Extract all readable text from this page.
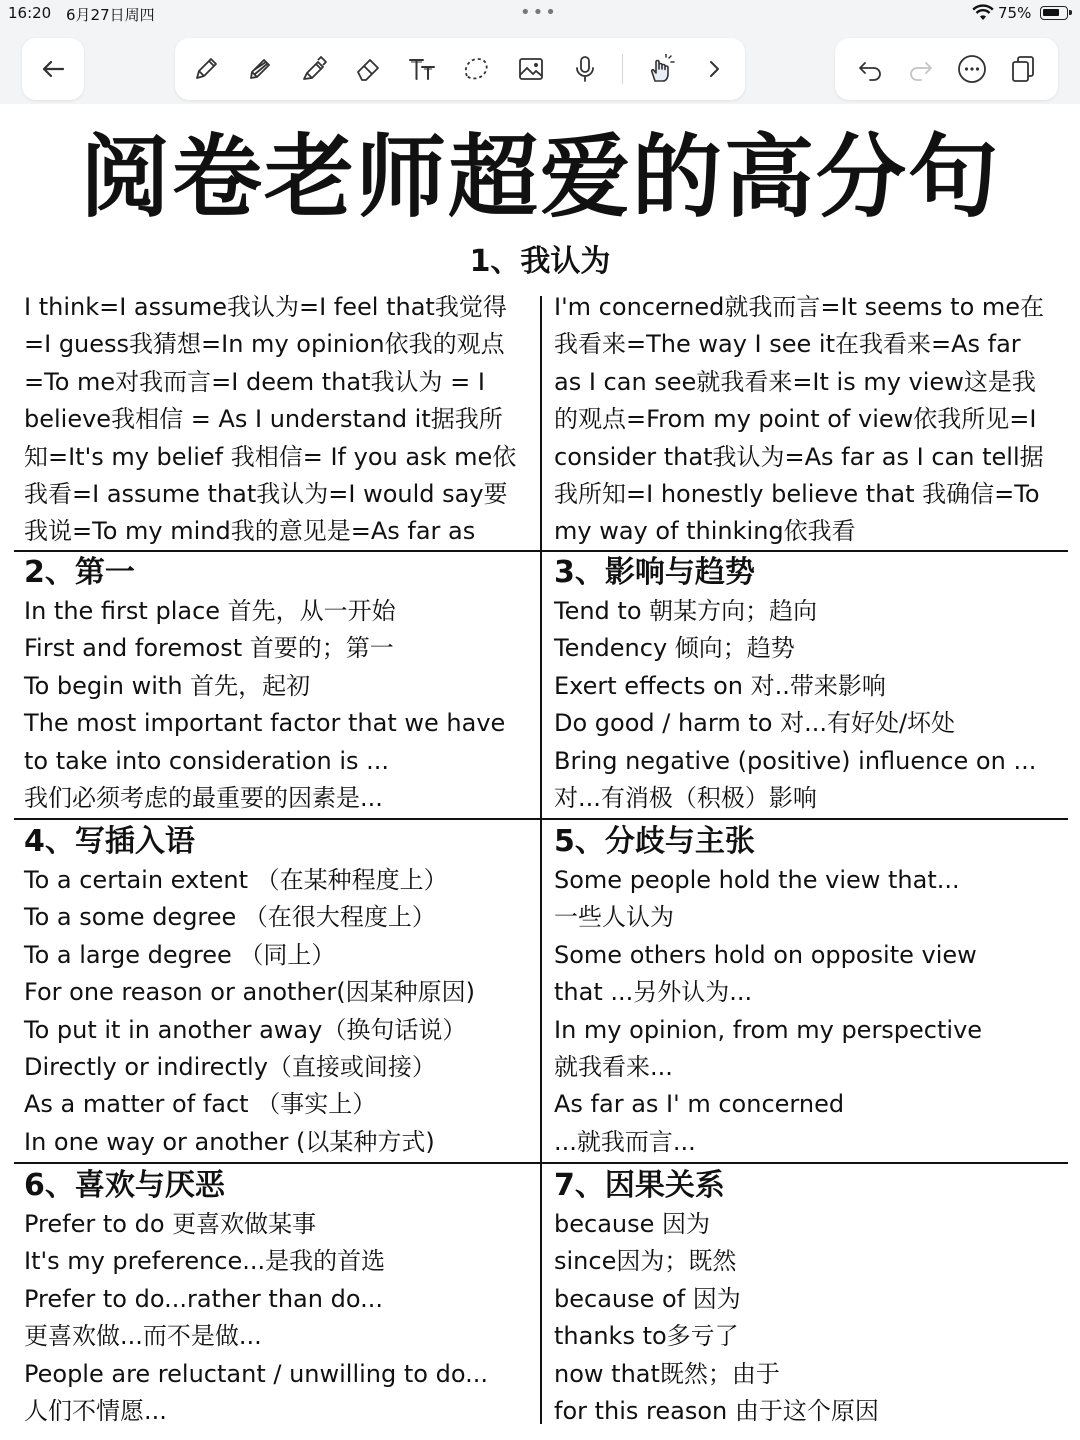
16:20 6月27日周四	•••	75%
阅卷老师超爱的高分句
1、我认为
I think=I assume我认为=I feel that我觉得
=I guess我猜想=In my opinion依我的观点
=To me对我而言=I deem that我认为 = I
believe我相信 = As I understand it据我所
知=It's my belief 我相信= If you ask me依
我看=I assume that我认为=I would say要
我说=To my mind我的意见是=As far as
I'm concerned就我而言=It seems to me在
我看来=The way I see it在我看来=As far
as I can see就我看来=It is my view这是我
的观点=From my point of view依我所见=I
consider that我认为=As far as I can tell据
我所知=I honestly believe that 我确信=To
my way of thinking依我看
2、第一
In the first place 首先，从一开始
First and foremost 首要的；第一
To begin with 首先，起初
The most important factor that we have
to take into consideration is ...
我们必须考虑的最重要的因素是...
3、影响与趋势
Tend to 朝某方向；趋向
Tendency 倾向；趋势
Exert effects on 对..带来影响
Do good / harm to 对...有好处/坏处
Bring negative (positive) influence on ...
对...有消极（积极）影响
4、写插入语
To a certain extent （在某种程度上）
To a some degree （在很大程度上）
To a large degree （同上）
For one reason or another(因某种原因)
To put it in another away（换句话说）
Directly or indirectly（直接或间接）
As a matter of fact （事实上）
In one way or another (以某种方式)
5、分歧与主张
Some people hold the view that...
一些人认为
Some others hold on opposite view
that ...另外认为...
In my opinion, from my perspective
就我看来...
As far as I' m concerned
...就我而言...
6、喜欢与厌恶
Prefer to do 更喜欢做某事
It's my preference...是我的首选
Prefer to do...rather than do...
更喜欢做...而不是做...
People are reluctant / unwilling to do...
人们不情愿...
7、因果关系
because 因为
since因为；既然
because of 因为
thanks to多亏了
now that既然；由于
for this reason 由于这个原因
